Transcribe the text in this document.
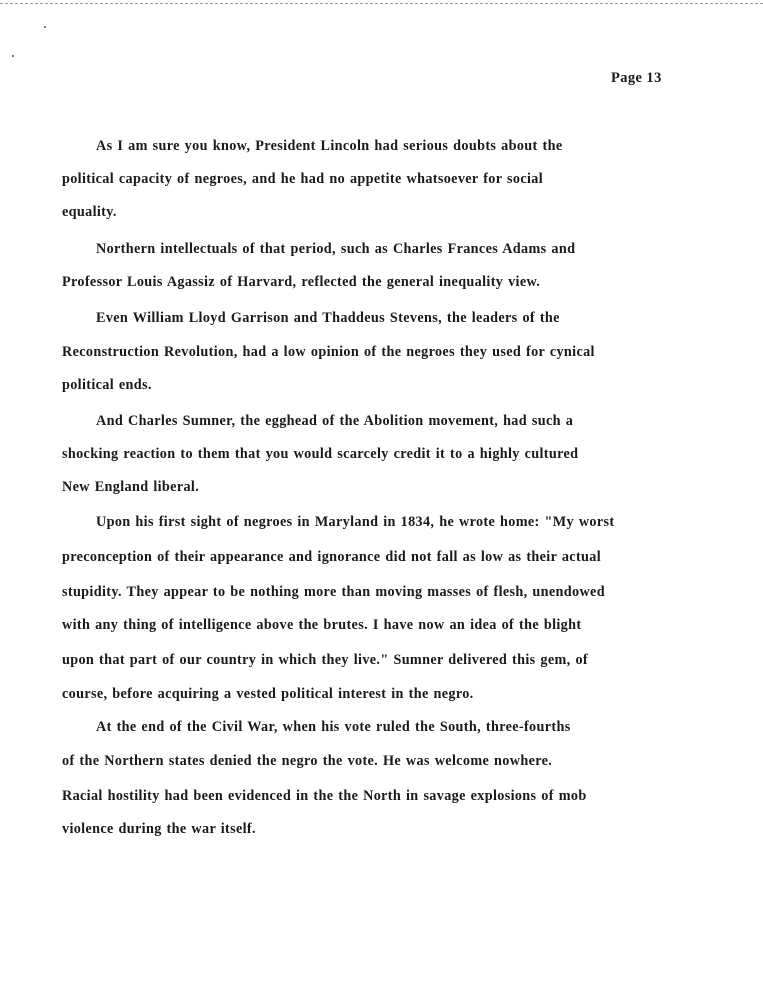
Page 13
As I am sure you know, President Lincoln had serious doubts about the
political capacity of negroes, and he had no appetite whatsoever for social
equality.
Northern intellectuals of that period, such as Charles Frances Adams and
Professor Louis Agassiz of Harvard, reflected the general inequality view.
Even William Lloyd Garrison and Thaddeus Stevens, the leaders of the
Reconstruction Revolution, had a low opinion of the negroes they used for cynical
political ends.
And Charles Sumner, the egghead of the Abolition movement, had such a
shocking reaction to them that you would scarcely credit it to a highly cultured
New England liberal.
Upon his first sight of negroes in Maryland in 1834, he wrote home: "My worst
preconception of their appearance and ignorance did not fall as low as their actual
stupidity. They appear to be nothing more than moving masses of flesh, unendowed
with any thing of intelligence above the brutes. I have now an idea of the blight
upon that part of our country in which they live." Sumner delivered this gem, of
course, before acquiring a vested political interest in the negro.
At the end of the Civil War, when his vote ruled the South, three-fourths
of the Northern states denied the negro the vote. He was welcome nowhere.
Racial hostility had been evidenced in the the North in savage explosions of mob
violence during the war itself.
